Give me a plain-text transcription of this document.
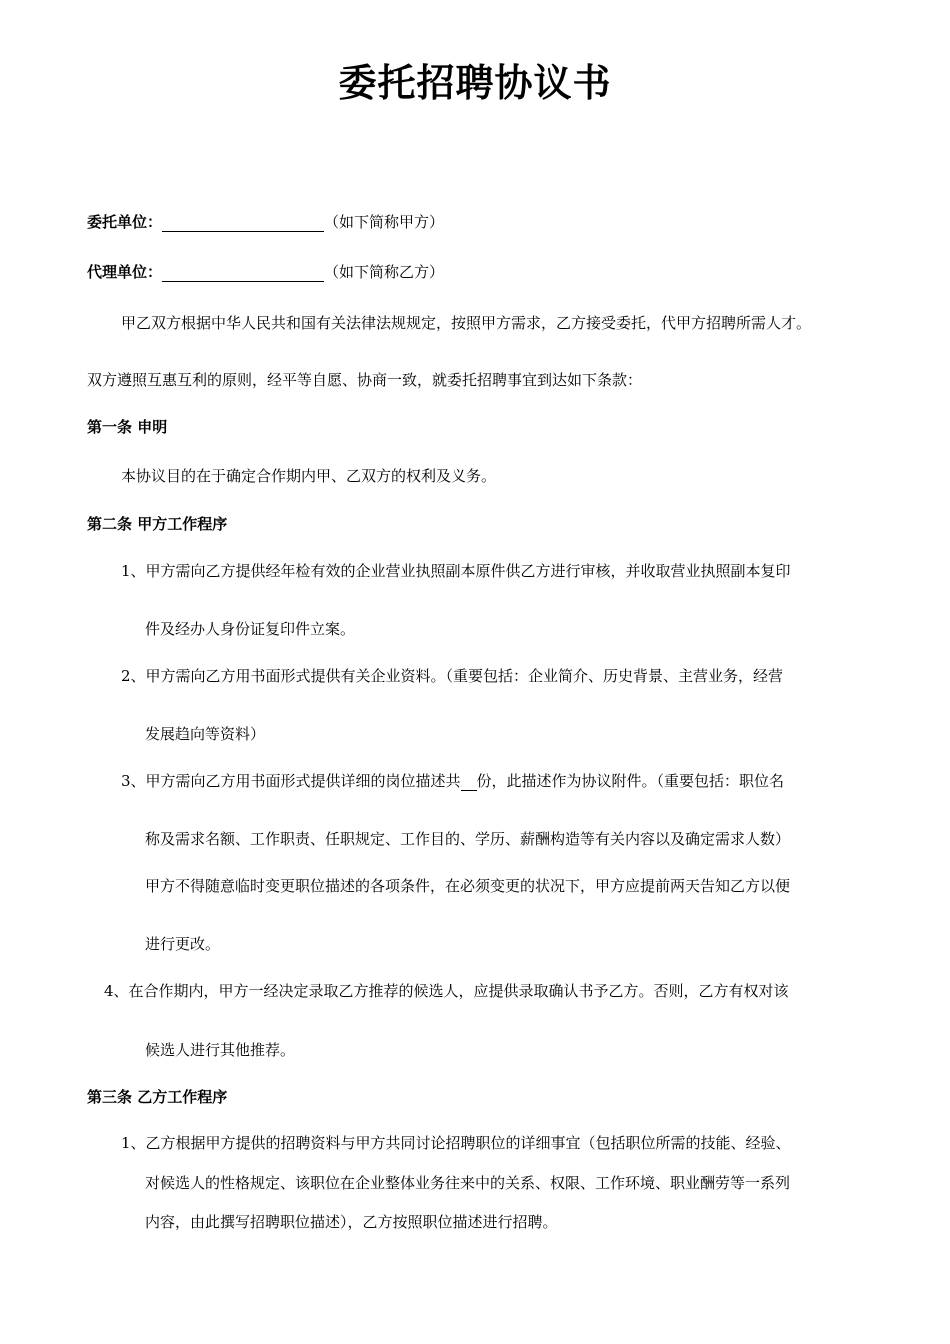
委托招聘协议书
委托单位：	（如下简称甲方）
代理单位：	（如下简称乙方）
甲乙双方根据中华人民共和国有关法律法规规定，按照甲方需求，乙方接受委托，代甲方招聘所需人才。
双方遵照互惠互利的原则，经平等自愿、协商一致，就委托招聘事宜到达如下条款：
第一条 申明
本协议目的在于确定合作期内甲、乙双方的权利及义务。
第二条 甲方工作程序
1、甲方需向乙方提供经年检有效的企业营业执照副本原件供乙方进行审核，并收取营业执照副本复印
件及经办人身份证复印件立案。
2、甲方需向乙方用书面形式提供有关企业资料。（重要包括：企业简介、历史背景、主营业务，经营
发展趋向等资料）
3、甲方需向乙方用书面形式提供详细的岗位描述共 份，此描述作为协议附件。（重要包括：职位名
称及需求名额、工作职责、任职规定、工作目的、学历、薪酬构造等有关内容以及确定需求人数）
甲方不得随意临时变更职位描述的各项条件，在必须变更的状况下，甲方应提前两天告知乙方以便
进行更改。
4、在合作期内，甲方一经决定录取乙方推荐的候选人，应提供录取确认书予乙方。否则，乙方有权对该
候选人进行其他推荐。
第三条 乙方工作程序
1、乙方根据甲方提供的招聘资料与甲方共同讨论招聘职位的详细事宜（包括职位所需的技能、经验、
对候选人的性格规定、该职位在企业整体业务往来中的关系、权限、工作环境、职业酬劳等一系列
内容，由此撰写招聘职位描述），乙方按照职位描述进行招聘。
